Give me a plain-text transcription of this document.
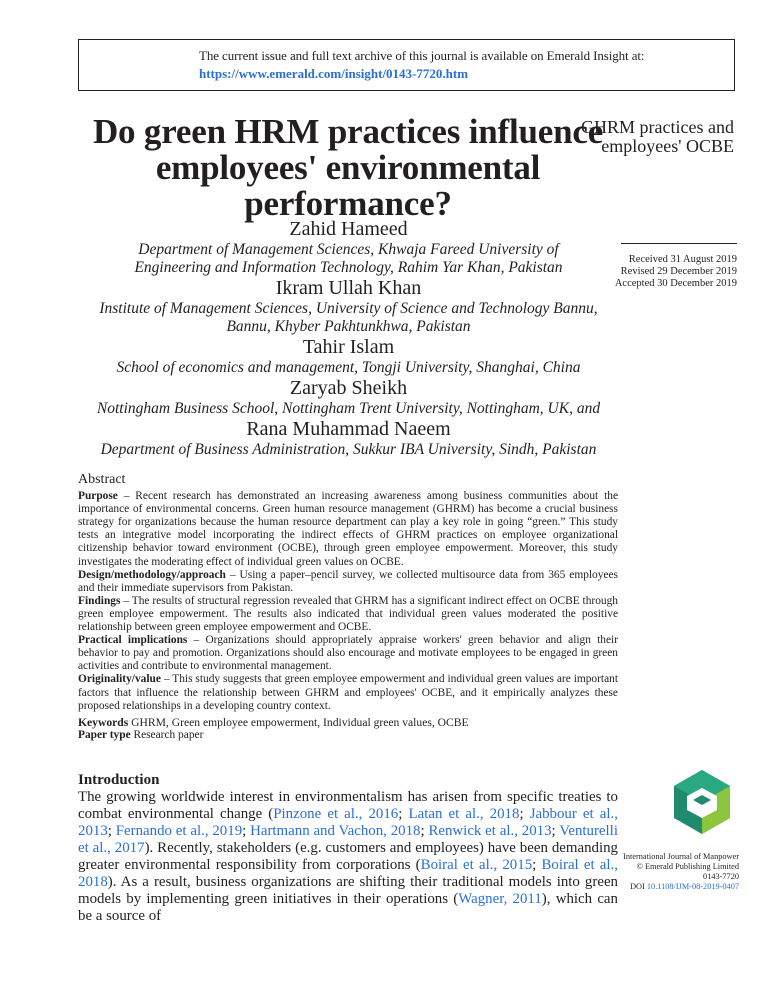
The current issue and full text archive of this journal is available on Emerald Insight at:
https://www.emerald.com/insight/0143-7720.htm
Do green HRM practices influence employees' environmental performance?
GHRM practices and employees' OCBE
Received 31 August 2019
Revised 29 December 2019
Accepted 30 December 2019
Zahid Hameed
Department of Management Sciences, Khwaja Fareed University of Engineering and Information Technology, Rahim Yar Khan, Pakistan
Ikram Ullah Khan
Institute of Management Sciences, University of Science and Technology Bannu, Bannu, Khyber Pakhtunkhwa, Pakistan
Tahir Islam
School of economics and management, Tongji University, Shanghai, China
Zaryab Sheikh
Nottingham Business School, Nottingham Trent University, Nottingham, UK, and
Rana Muhammad Naeem
Department of Business Administration, Sukkur IBA University, Sindh, Pakistan
Abstract

Purpose – Recent research has demonstrated an increasing awareness among business communities about the importance of environmental concerns. Green human resource management (GHRM) has become a crucial business strategy for organizations because the human resource department can play a key role in going “green.” This study tests an integrative model incorporating the indirect effects of GHRM practices on employee organizational citizenship behavior toward environment (OCBE), through green employee empowerment. Moreover, this study investigates the moderating effect of individual green values on OCBE.

Design/methodology/approach – Using a paper–pencil survey, we collected multisource data from 365 employees and their immediate supervisors from Pakistan.

Findings – The results of structural regression revealed that GHRM has a significant indirect effect on OCBE through green employee empowerment. The results also indicated that individual green values moderated the positive relationship between green employee empowerment and OCBE.

Practical implications – Organizations should appropriately appraise workers' green behavior and align their behavior to pay and promotion. Organizations should also encourage and motivate employees to be engaged in green activities and contribute to environmental management.

Originality/value – This study suggests that green employee empowerment and individual green values are important factors that influence the relationship between GHRM and employees' OCBE, and it empirically analyzes these proposed relationships in a developing country context.

Keywords GHRM, Green employee empowerment, Individual green values, OCBE

Paper type Research paper

Introduction

The growing worldwide interest in environmentalism has arisen from specific treaties to combat environmental change (Pinzone et al., 2016; Latan et al., 2018; Jabbour et al., 2013; Fernando et al., 2019; Hartmann and Vachon, 2018; Renwick et al., 2013; Venturelli et al., 2017). Recently, stakeholders (e.g. customers and employees) have been demanding greater environmental responsibility from corporations (Boiral et al., 2015; Boiral et al., 2018). As a result, business organizations are shifting their traditional models into green models by implementing green initiatives in their operations (Wagner, 2011), which can be a source of

International Journal of Manpower
© Emerald Publishing Limited
0143-7720
DOI 10.1108/IJM-08-2019-0407
